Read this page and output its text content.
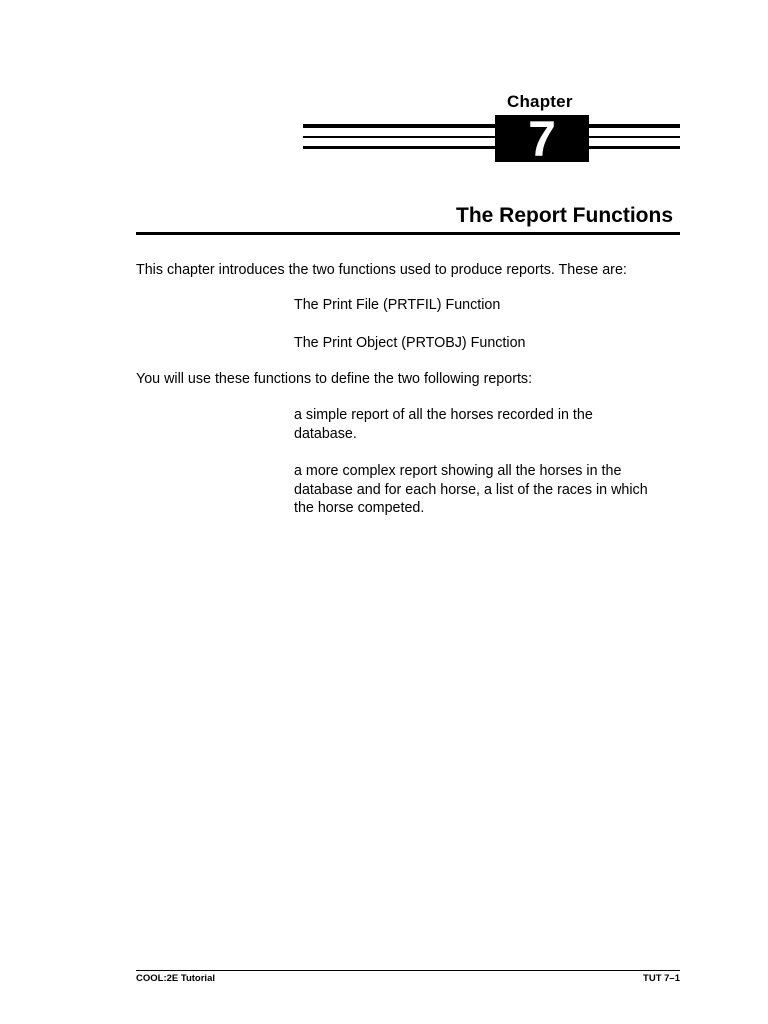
Chapter
7
The Report Functions

This chapter introduces the two functions used to produce reports. These are:

The Print File (PRTFIL) Function

The Print Object (PRTOBJ) Function

You will use these functions to define the two following reports:

a simple report of all the horses recorded in the database.

a more complex report showing all the horses in the database and for each horse, a list of the races in which the horse competed.

COOL:2E Tutorial	TUT 7–1
